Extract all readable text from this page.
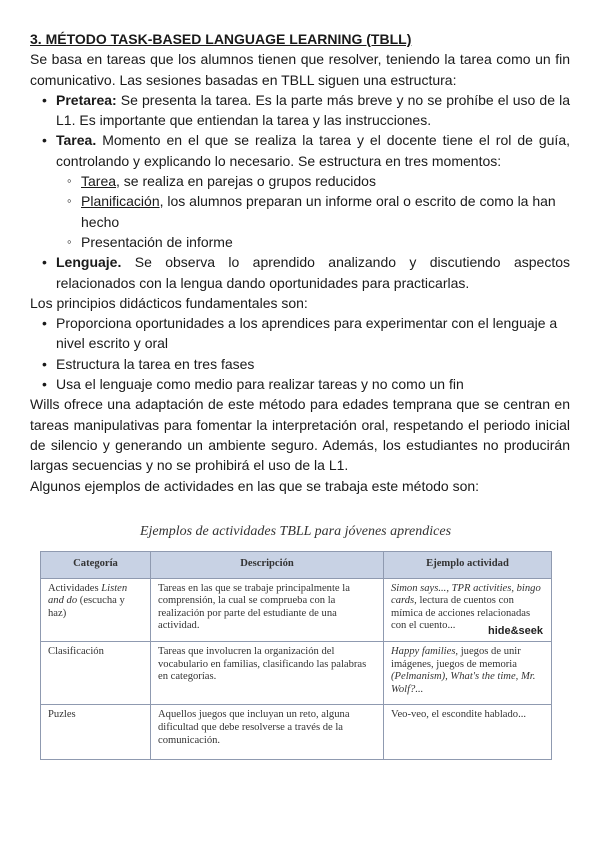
3. MÉTODO TASK-BASED LANGUAGE LEARNING (TBLL)

Se basa en tareas que los alumnos tienen que resolver, teniendo la tarea como un fin comunicativo. Las sesiones basadas en TBLL siguen una estructura:

• Pretarea: Se presenta la tarea. Es la parte más breve y no se prohíbe el uso de la L1. Es importante que entiendan la tarea y las instrucciones.
• Tarea. Momento en el que se realiza la tarea y el docente tiene el rol de guía, controlando y explicando lo necesario. Se estructura en tres momentos:
◦ Tarea, se realiza en parejas o grupos reducidos
◦ Planificación, los alumnos preparan un informe oral o escrito de como la han hecho
◦ Presentación de informe
• Lenguaje. Se observa lo aprendido analizando y discutiendo aspectos relacionados con la lengua dando oportunidades para practicarlas.

Los principios didácticos fundamentales son:

• Proporciona oportunidades a los aprendices para experimentar con el lenguaje a nivel escrito y oral
• Estructura la tarea en tres fases
• Usa el lenguaje como medio para realizar tareas y no como un fin

Wills ofrece una adaptación de este método para edades temprana que se centran en tareas manipulativas para fomentar la interpretación oral, respetando el periodo inicial de silencio y generando un ambiente seguro. Además, los estudiantes no producirán largas secuencias y no se prohibirá el uso de la L1.

Algunos ejemplos de actividades en las que se trabaja este método son:

Ejemplos de actividades TBLL para jóvenes aprendices
Categoría	Descripción	Ejemplo actividad
Actividades Listen and do (escucha y haz)	Tareas en las que se trabaje principalmente la comprensión, la cual se comprueba con la realización por parte del estudiante de una actividad.	Simon says..., TPR activities, bingo cards, lectura de cuentos con mímica de acciones relacionadas con el cuento... hide&seek

Clasificación	Tareas que involucren la organización del vocabulario en familias, clasificando las palabras en categorías.	Happy families, juegos de unir imágenes, juegos de memoria (Pelmanism), What's the time, Mr. Wolf?...
Puzles	Aquellos juegos que incluyan un reto, alguna dificultad que debe resolverse a través de la comunicación.	Veo-veo, el escondite hablado...
